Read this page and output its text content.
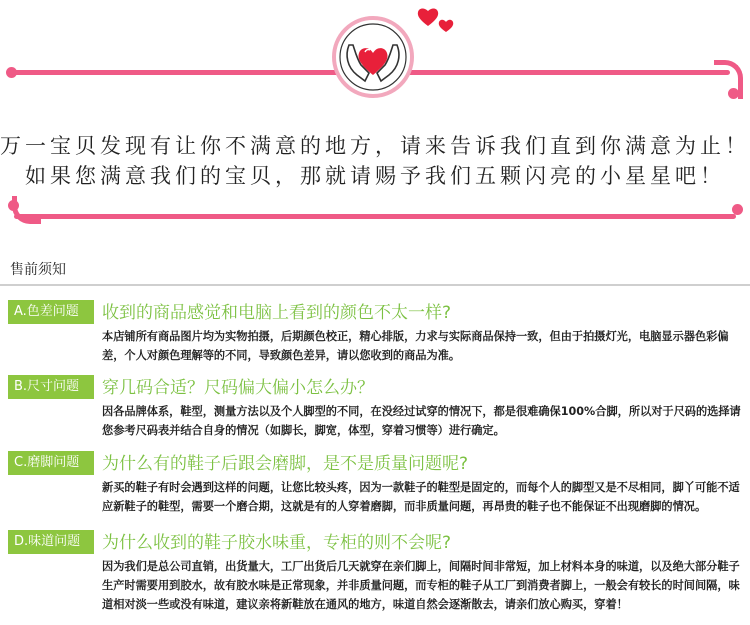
万一宝贝发现有让你不满意的地方，请来告诉我们直到你满意为止！
如果您满意我们的宝贝，那就请赐予我们五颗闪亮的小星星吧！
售前须知
A.色差问题	收到的商品感觉和电脑上看到的颜色不太一样?
本店铺所有商品图片均为实物拍摄，后期颜色校正，精心排版，力求与实际商品保持一致，但由于拍摄灯光，电脑显示器色彩偏差，个人对颜色理解等的不同，导致颜色差异，请以您收到的商品为准。
B.尺寸问题	穿几码合适？尺码偏大偏小怎么办？
因各品牌体系，鞋型，测量方法以及个人脚型的不同，在没经过试穿的情况下，都是很难确保100%合脚，所以对于尺码的选择请您参考尺码表并结合自身的情况（如脚长，脚宽，体型，穿着习惯等）进行确定。
C.磨脚问题	为什么有的鞋子后跟会磨脚，是不是质量问题呢?
新买的鞋子有时会遇到这样的问题，让您比较头疼，因为一款鞋子的鞋型是固定的，而每个人的脚型又是不尽相同，脚丫可能不适应新鞋子的鞋型，需要一个磨合期，这就是有的人穿着磨脚，而非质量问题，再昂贵的鞋子也不能保证不出现磨脚的情况。
D.味道问题	为什么收到的鞋子胶水味重，专柜的则不会呢?
因为我们是总公司直销，出货量大，工厂出货后几天就穿在亲们脚上，间隔时间非常短，加上材料本身的味道，以及绝大部分鞋子生产时需要用到胶水，故有胶水味是正常现象，并非质量问题，而专柜的鞋子从工厂到消费者脚上，一般会有较长的时间间隔，味道相对淡一些或没有味道，建议亲将新鞋放在通风的地方，味道自然会逐渐散去，请亲们放心购买，穿着！
